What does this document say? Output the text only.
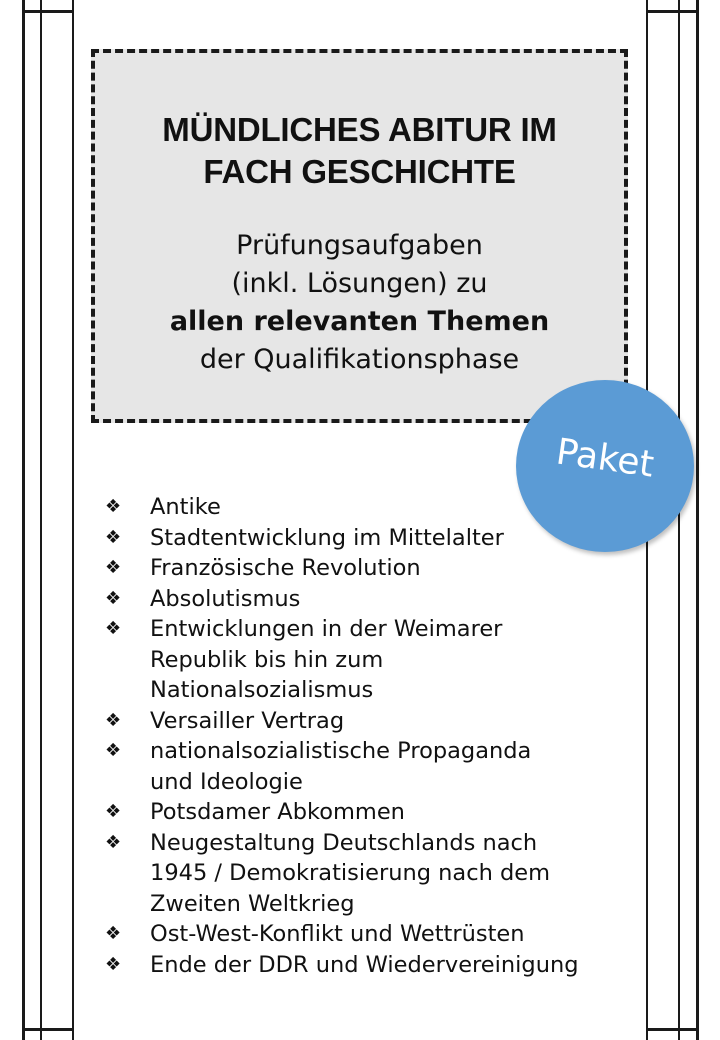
MÜNDLICHES ABITUR IM
FACH GESCHICHTE
Prüfungsaufgaben
(inkl. Lösungen) zu
allen relevanten Themen
der Qualifikationsphase
Paket
❖ Antike
❖ Stadtentwicklung im Mittelalter
❖ Französische Revolution
❖ Absolutismus
❖ Entwicklungen in der Weimarer
Republik bis hin zum
Nationalsozialismus
❖ Versailler Vertrag
❖ nationalsozialistische Propaganda
und Ideologie
❖ Potsdamer Abkommen
❖ Neugestaltung Deutschlands nach
1945 / Demokratisierung nach dem
Zweiten Weltkrieg
❖ Ost-West-Konflikt und Wettrüsten
❖ Ende der DDR und Wiedervereinigung
